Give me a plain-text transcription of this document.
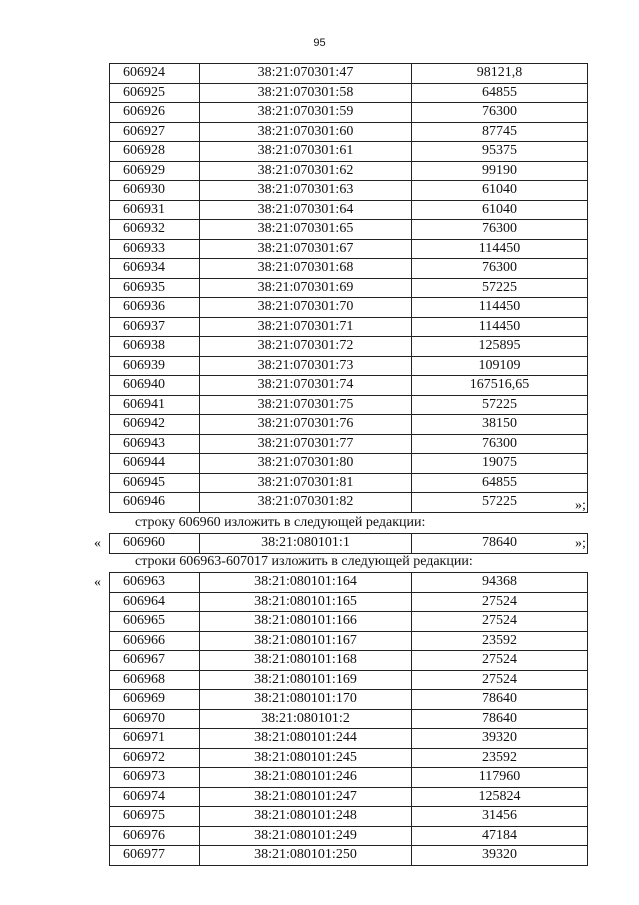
95
606924	38:21:070301:47	98121,8
606925	38:21:070301:58	64855
606926	38:21:070301:59	76300
606927	38:21:070301:60	87745
606928	38:21:070301:61	95375
606929	38:21:070301:62	99190
606930	38:21:070301:63	61040
606931	38:21:070301:64	61040
606932	38:21:070301:65	76300
606933	38:21:070301:67	114450
606934	38:21:070301:68	76300
606935	38:21:070301:69	57225
606936	38:21:070301:70	114450
606937	38:21:070301:71	114450
606938	38:21:070301:72	125895
606939	38:21:070301:73	109109
606940	38:21:070301:74	167516,65
606941	38:21:070301:75	57225
606942	38:21:070301:76	38150
606943	38:21:070301:77	76300
606944	38:21:070301:80	19075
606945	38:21:070301:81	64855
606946	38:21:070301:82	57225	»;
строку 606960 изложить в следующей редакции:
« 606960	38:21:080101:1	78640	»;
строки 606963-607017 изложить в следующей редакции:
« 606963	38:21:080101:164	94368
606964	38:21:080101:165	27524
606965	38:21:080101:166	27524
606966	38:21:080101:167	23592
606967	38:21:080101:168	27524
606968	38:21:080101:169	27524
606969	38:21:080101:170	78640
606970	38:21:080101:2	78640
606971	38:21:080101:244	39320
606972	38:21:080101:245	23592
606973	38:21:080101:246	117960
606974	38:21:080101:247	125824
606975	38:21:080101:248	31456
606976	38:21:080101:249	47184
606977	38:21:080101:250	39320
